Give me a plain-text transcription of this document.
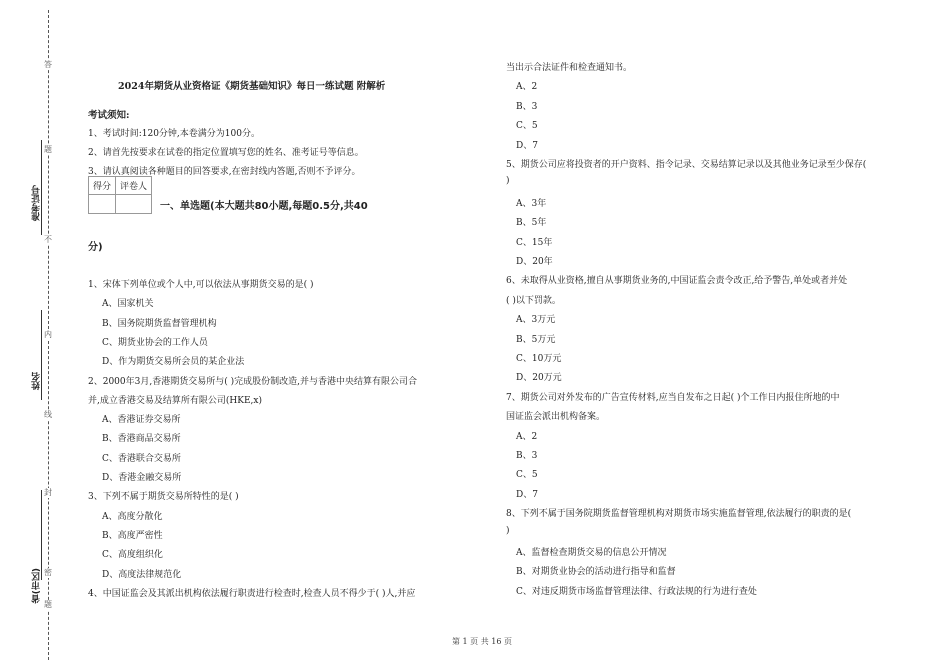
答
题
不
内
线
封
密
题
准考证号
姓名
省(市区)
2024年期货从业资格证《期货基础知识》每日一练试题 附解析
考试须知:
1、考试时间:120分钟,本卷满分为100分。
2、请首先按要求在试卷的指定位置填写您的姓名、准考证号等信息。
3、请认真阅读各种题目的回答要求,在密封线内答题,否则不予评分。
得分	评卷人

一、单选题(本大题共80小题,每题0.5分,共40
分)
1、宋体下列单位或个人中,可以依法从事期货交易的是( )
A、国家机关
B、国务院期货监督管理机构
C、期货业协会的工作人员
D、作为期货交易所会员的某企业法
2、2000年3月,香港期货交易所与( )完成股份制改造,并与香港中央结算有限公司合
并,成立香港交易及结算所有限公司(HKE,x)
A、香港证券交易所
B、香港商品交易所
C、香港联合交易所
D、香港金融交易所
3、下列不属于期货交易所特性的是( )
A、高度分散化
B、高度严密性
C、高度组织化
D、高度法律规范化
4、中国证监会及其派出机构依法履行职责进行检查时,检查人员不得少于( )人,并应
当出示合法证件和检查通知书。
A、2
B、3
C、5
D、7
5、期货公司应将投资者的开户资料、指令记录、交易结算记录以及其他业务记录至少保存(
)
A、3年
B、5年
C、15年
D、20年
6、未取得从业资格,擅自从事期货业务的,中国证监会责令改正,给予警告,单处或者并处
( )以下罚款。
A、3万元
B、5万元
C、10万元
D、20万元
7、期货公司对外发布的广告宣传材料,应当自发布之日起( )个工作日内报住所地的中
国证监会派出机构备案。
A、2
B、3
C、5
D、7
8、下列不属于国务院期货监督管理机构对期货市场实施监督管理,依法履行的职责的是(
)
A、监督检查期货交易的信息公开情况
B、对期货业协会的活动进行指导和监督
C、对违反期货市场监督管理法律、行政法规的行为进行查处
第 1 页 共 16 页
